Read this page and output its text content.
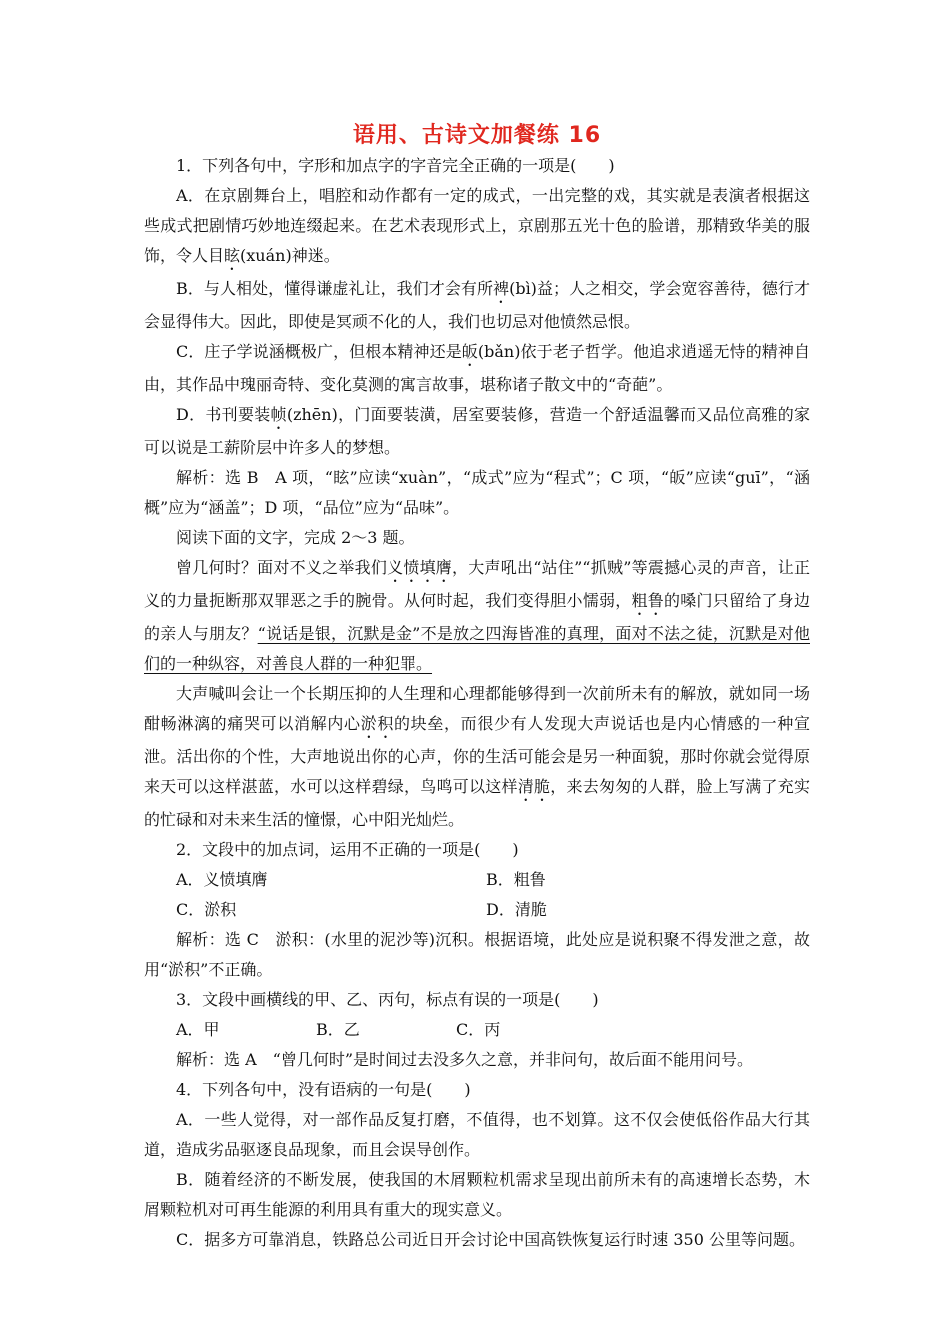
语用、古诗文加餐练 16

1．下列各句中，字形和加点字的字音完全正确的一项是(　　)

A．在京剧舞台上，唱腔和动作都有一定的成式，一出完整的戏，其实就是表演者根据这些成式把剧情巧妙地连缀起来。在艺术表现形式上，京剧那五光十色的脸谱，那精致华美的服饰，令人目眩(xuán)神迷。

B．与人相处，懂得谦虚礼让，我们才会有所裨(bì)益；人之相交，学会宽容善待，德行才会显得伟大。因此，即使是冥顽不化的人，我们也切忌对他愤然忌恨。

C．庄子学说涵概极广，但根本精神还是皈(bǎn)依于老子哲学。他追求逍遥无恃的精神自由，其作品中瑰丽奇特、变化莫测的寓言故事，堪称诸子散文中的“奇葩”。

D．书刊要装帧(zhēn)，门面要装潢，居室要装修，营造一个舒适温馨而又品位高雅的家可以说是工薪阶层中许多人的梦想。

解析：选 B　A 项，“眩”应读“xuàn”，“成式”应为“程式”；C 项，“皈”应读“guī”，“涵概”应为“涵盖”；D 项，“品位”应为“品味”。

阅读下面的文字，完成 2～3 题。

曾几何时？面对不义之举我们义愤填膺，大声吼出“站住”“抓贼”等震撼心灵的声音，让正义的力量扼断那双罪恶之手的腕骨。从何时起，我们变得胆小懦弱，粗鲁的嗓门只留给了身边的亲人与朋友？“说话是银，沉默是金”不是放之四海皆准的真理，面对不法之徒，沉默是对他们的一种纵容，对善良人群的一种犯罪。

大声喊叫会让一个长期压抑的人生理和心理都能够得到一次前所未有的解放，就如同一场酣畅淋漓的痛哭可以消解内心淤积的块垒，而很少有人发现大声说话也是内心情感的一种宣泄。活出你的个性，大声地说出你的心声，你的生活可能会是另一种面貌，那时你就会觉得原来天可以这样湛蓝，水可以这样碧绿，鸟鸣可以这样清脆，来去匆匆的人群，脸上写满了充实的忙碌和对未来生活的憧憬，心中阳光灿烂。

2．文段中的加点词，运用不正确的一项是(　　)

A．义愤填膺	B．粗鲁
C．淤积	D．清脆

解析：选 C　淤积：(水里的泥沙等)沉积。根据语境，此处应是说积聚不得发泄之意，故用“淤积”不正确。

3．文段中画横线的甲、乙、丙句，标点有误的一项是(　　)

A．甲	B．乙	C．丙

解析：选 A　“曾几何时”是时间过去没多久之意，并非问句，故后面不能用问号。

4．下列各句中，没有语病的一句是(　　)

A．一些人觉得，对一部作品反复打磨，不值得，也不划算。这不仅会使低俗作品大行其道，造成劣品驱逐良品现象，而且会误导创作。

B．随着经济的不断发展，使我国的木屑颗粒机需求呈现出前所未有的高速增长态势，木屑颗粒机对可再生能源的利用具有重大的现实意义。

C．据多方可靠消息，铁路总公司近日开会讨论中国高铁恢复运行时速 350 公里等问题。
